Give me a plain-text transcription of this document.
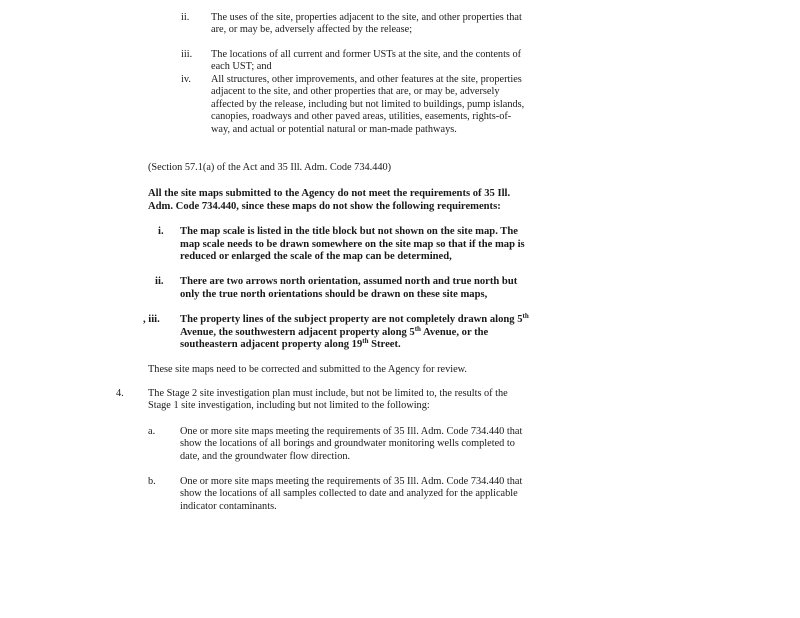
ii. The uses of the site, properties adjacent to the site, and other properties that are, or may be, adversely affected by the release;

iii. The locations of all current and former USTs at the site, and the contents of each UST; and

iv. All structures, other improvements, and other features at the site, properties adjacent to the site, and other properties that are, or may be, adversely affected by the release, including but not limited to buildings, pump islands, canopies, roadways and other paved areas, utilities, easements, rights-of-way, and actual or potential natural or man-made pathways.

(Section 57.1(a) of the Act and 35 Ill. Adm. Code 734.440)

All the site maps submitted to the Agency do not meet the requirements of 35 Ill. Adm. Code 734.440, since these maps do not show the following requirements:

i. The map scale is listed in the title block but not shown on the site map. The map scale needs to be drawn somewhere on the site map so that if the map is reduced or enlarged the scale of the map can be determined,

ii. There are two arrows north orientation, assumed north and true north but only the true north orientations should be drawn on these site maps,

, iii. The property lines of the subject property are not completely drawn along 5th Avenue, the southwestern adjacent property along 5th Avenue, or the southeastern adjacent property along 19th Street.

These site maps need to be corrected and submitted to the Agency for review.

4. The Stage 2 site investigation plan must include, but not be limited to, the results of the Stage 1 site investigation, including but not limited to the following:

a. One or more site maps meeting the requirements of 35 Ill. Adm. Code 734.440 that show the locations of all borings and groundwater monitoring wells completed to date, and the groundwater flow direction.

b. One or more site maps meeting the requirements of 35 Ill. Adm. Code 734.440 that show the locations of all samples collected to date and analyzed for the applicable indicator contaminants.
